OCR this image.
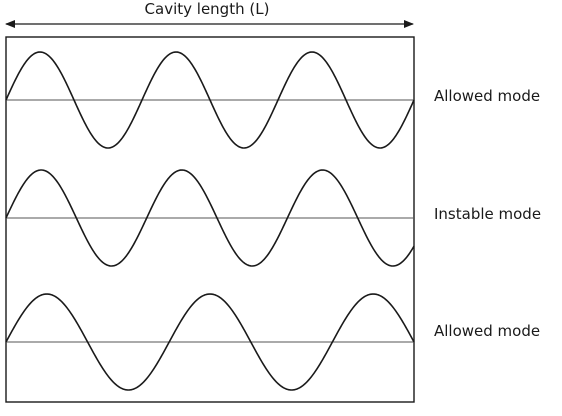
Cavity length (L)
Allowed mode
Instable mode
Allowed mode
